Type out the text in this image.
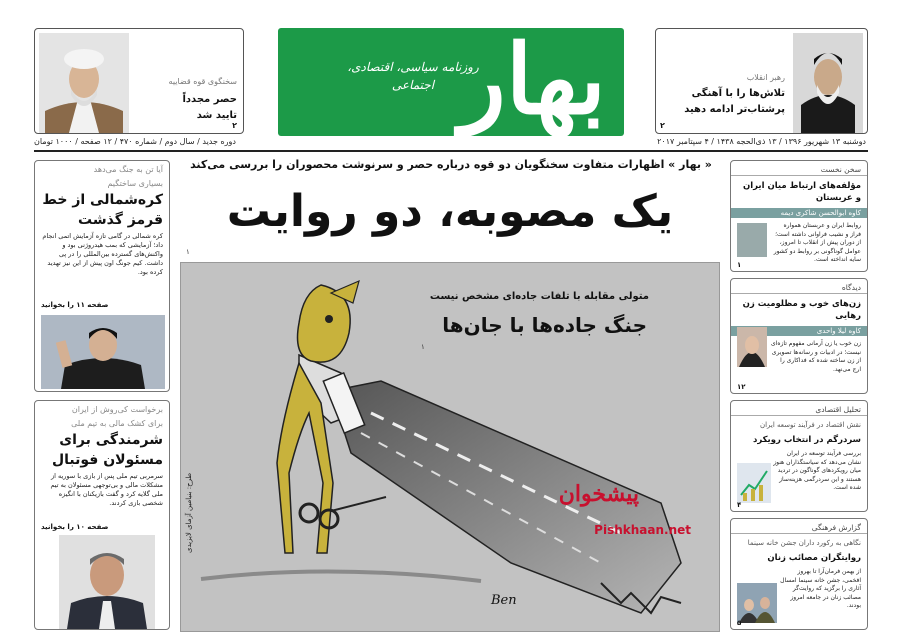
رهبر انقلاب
تلاش‌ها را با آهنگی
پرشتاب‌تر ادامه دهید
۲
سخنگوی قوه قضاییه
حصر مجدداً
تایید شد
۲ بهار
روزنامه سیاسی، اقتصادی، اجتماعی
دوشنبه ۱۳ شهریور ۱۳۹۶ / ۱۳ ذی‌الحجه ۱۴۳۸ / ۴ سپتامبر ۲۰۱۷
دوره جدید / سال دوم / شماره ۴۷۰ / ۱۲ صفحه / ۱۰۰۰ تومان
« بهار » اظهارات متفاوت سخنگویان دو قوه درباره حصر و سرنوشت محصوران را بررسی می‌کند
یک مصوبه، دو روایت
۱
متولی مقابله با تلفات جاده‌ای مشخص نیست
جنگ جاده‌ها با جان‌ها
۱
پیشخوان
Pishkhaan.net
Ben
طرح: بنیامین آزمای لایزیدی
آیا تن‌ به جنگ می‌دهد
بسیاری ساختگیم
کره‌شمالی از خط
قرمز گذشت
کره شمالی در گامی تازه آزمایش اتمی انجام داد؛ آزمایشی که بمب هیدروژنی بود و واکنش‌های گسترده بین‌المللی را در پی داشت. کیم جونگ اون پیش از این نیز تهدید کرده بود.
صفحه ۱۱ را بخوانید
برخواست کی‌روش از ایران
برای کشک مالی به تیم ملی
شرمندگی برای
مسئولان فوتبال
سرمربی تیم ملی پس از بازی با سوریه از مشکلات مالی و بی‌توجهی مسئولان به تیم ملی گلایه کرد و گفت بازیکنان با انگیزه شخصی بازی کردند.
صفحه ۱۰ را بخوانید
سخن نخست
مؤلفه‌های ارتباط میان ایران و عربستان
کاوه ابوالحسن شاکری دیمه
روابط ایران و عربستان همواره فراز و نشیب فراوانی داشته است؛ از دوران پیش از انقلاب تا امروز، عوامل گوناگونی بر روابط دو کشور سایه انداخته است.
۱
دیدگاه
زن‌های خوب و مظلومیت زن رهایی
کاوه لیلا واحدی
زن خوب یا زن آرمانی مفهوم تازه‌ای نیست؛ در ادبیات و رسانه‌ها تصویری از زن ساخته شده که فداکاری را ارج می‌نهد.
۱۲
تحلیل اقتصادی
نقش اقتصاد در فرآیند توسعه ایران
سردرگم در انتخاب رویکرد
بررسی فرآیند توسعه در ایران نشان می‌دهد که سیاستگذاران هنوز میان رویکردهای گوناگون در تردید هستند و این سردرگمی هزینه‌ساز شده است.
۴
گزارش فرهنگی
نگاهی به رکورد داران جشن خانه سینما
روایتگران مصائب زنان
از بهمن فرمان‌آرا تا بهروز افخمی، جشن خانه سینما امسال آثاری را برگزید که روایت‌گر مصائب زنان در جامعه امروز بودند.
۵
